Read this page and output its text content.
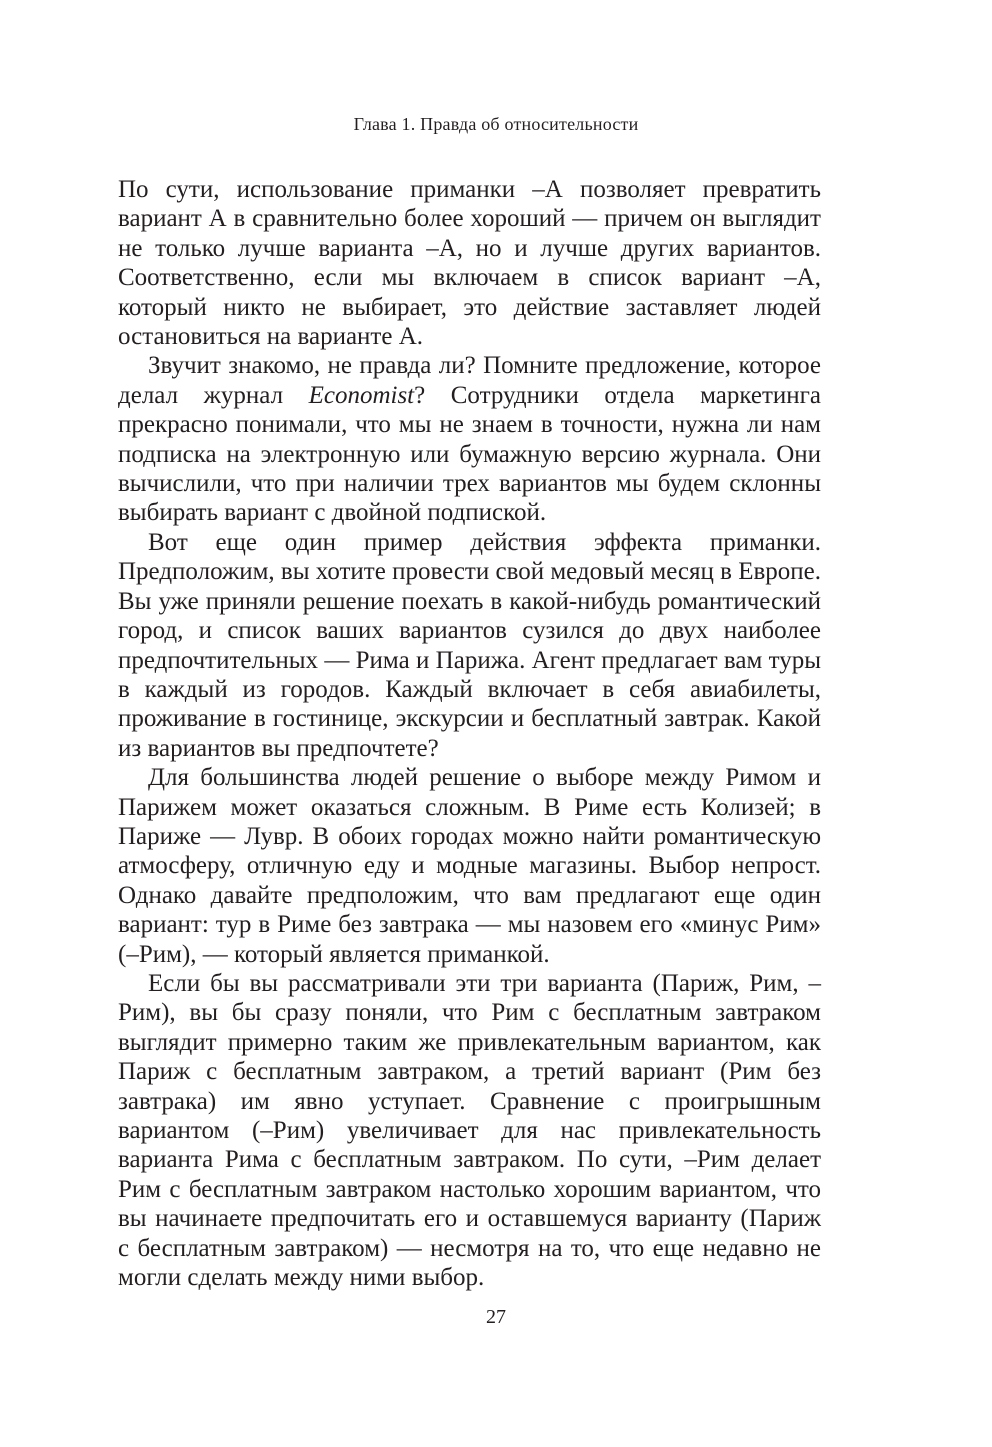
Глава 1. Правда об относительности

По сути, использование приманки –А позволяет превратить вариант А в сравнительно более хороший — причем он выглядит не только лучше варианта –А, но и лучше других вариантов. Соответственно, если мы включаем в список вариант –А, который никто не выбирает, это действие заставляет людей остановиться на варианте А.

Звучит знакомо, не правда ли? Помните предложение, которое делал журнал Economist? Сотрудники отдела маркетинга прекрасно понимали, что мы не знаем в точности, нужна ли нам подписка на электронную или бумажную версию журнала. Они вычислили, что при наличии трех вариантов мы будем склонны выбирать вариант с двойной подпиской.

Вот еще один пример действия эффекта приманки. Предположим, вы хотите провести свой медовый месяц в Европе. Вы уже приняли решение поехать в какой-нибудь романтический город, и список ваших вариантов сузился до двух наиболее предпочтительных — Рима и Парижа. Агент предлагает вам туры в каждый из городов. Каждый включает в себя авиабилеты, проживание в гостинице, экскурсии и бесплатный завтрак. Какой из вариантов вы предпочтете?

Для большинства людей решение о выборе между Римом и Парижем может оказаться сложным. В Риме есть Колизей; в Париже — Лувр. В обоих городах можно найти романтическую атмосферу, отличную еду и модные магазины. Выбор непрост. Однако давайте предположим, что вам предлагают еще один вариант: тур в Риме без завтрака — мы назовем его «минус Рим» (–Рим), — который является приманкой.

Если бы вы рассматривали эти три варианта (Париж, Рим, –Рим), вы бы сразу поняли, что Рим с бесплатным завтраком выглядит примерно таким же привлекательным вариантом, как Париж с бесплатным завтраком, а третий вариант (Рим без завтрака) им явно уступает. Сравнение с проигрышным вариантом (–Рим) увеличивает для нас привлекательность варианта Рима с бесплатным завтраком. По сути, –Рим делает Рим с бесплатным завтраком настолько хорошим вариантом, что вы начинаете предпочитать его и оставшемуся варианту (Париж с бесплатным завтраком) — несмотря на то, что еще недавно не могли сделать между ними выбор.

27
